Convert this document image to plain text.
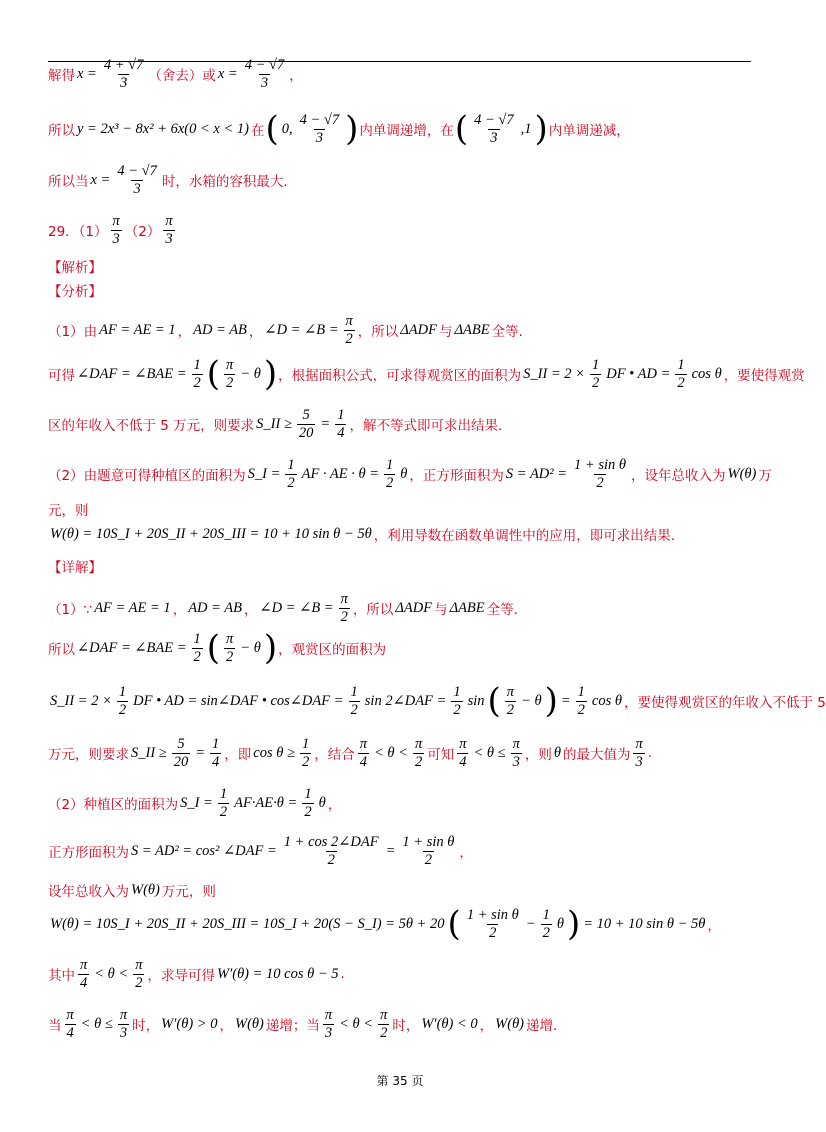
解得 $x = \frac{4 + √7}{3}$ （舍去）或 $x = \frac{4 - √7}{3}$ ，
所以 y = 2x³ − 8x² + 6x(0 < x < 1) 在 ( 0, $\frac{4 - √7}{3}$ ) 内单调递增，在 ( $\frac{4 - √7}{3} ,1$ ) 内单调递减，
所以当 $x = \frac{4 - √7}{3}$ 时，水箱的容积最大.
29．$(1) \frac{\pi}{3} (2) \frac{\pi}{3}$
【解析】
【分析】
（1）由 AF = AE = 1 ， AD = AB ， ∠D = ∠B = $\frac{\pi}{2}$ ，所以 ΔADF 与 ΔABE 全等.
可得 ∠DAF = ∠BAE = $\frac{1}{2}$ ( $\frac{\pi}{2} - \theta$ ) ，根据面积公式，可求得观赏区的面积为 S_II = $2 \times \frac{1}{2}$ DF • AD = $\frac{1}{2}$ cos θ ，要使得观赏
区的年收入不低于 5 万元，则要求 S_II ≥ $\frac{5}{20} = \frac{1}{4}$ ，解不等式即可求出结果.
（2）由题意可得种植区的面积为 S_I = $\frac{1}{2}$ AF · AE · $\theta = \frac{1}{2}$ θ ，正方形面积为 $S = AD^2 = \frac{\text{1 + sin θ}}{2}$ ，设年总收入为 W(θ) 万
元，则
W(θ) = 10S_I + 20S_II + 20S_III = 10 + 10 sin θ − 5θ ，利用导数在函数单调性中的应用，即可求出结果.
【详解】
（1）∵ AF = AE = 1 ， AD = AB ， ∠D = ∠B = $\frac{\pi}{2}$ ，所以 ΔADF 与 ΔABE 全等.
所以 ∠DAF = ∠BAE = $\frac{1}{2}$ ( $\frac{\pi}{2} - \theta$ ) ，观赏区的面积为
S_II = $2 \times \frac{1}{2}$ DF • AD = sin∠DAF • cos∠DAF = $\frac{1}{2}$ sin 2∠DAF = $\frac{1}{2}$ sin ( $\frac{\pi}{2} - \theta$ ) = $\frac{1}{2}$ cos θ ，要使得观赏区的年收入不低于 5
万元，则要求 S_II ≥ $\frac{5}{20} = \frac{1}{4}$ ，即 $\cos \theta \ge \frac{1}{2}$ ，结合 $\frac{\pi}{4} < \theta < \frac{\pi}{2}$ 可知 $\frac{\pi}{4} < \theta \le \frac{\pi}{3}$ ，则 θ 的最大值为 $\frac{\pi}{3}$ .
（2）种植区的面积为 S_I = $\frac{1}{2} AF\cdot AE\cdot\theta = \frac{1}{2}$ θ ，
正方形面积为 S = AD² = cos² ∠DAF = $\frac{\text{1 + cos 2∠DAF}}{2} = \frac{\text{1 + sin θ}}{2}$ ，
设年总收入为 W(θ) 万元，则
W(θ) = 10S_I + 20S_II + 20S_III = 10S_I + 20(S − S_I) = 5θ + 20 ( $\frac{\text{1 + sin θ}}{2} - \frac{1}{2}$ θ ) = 10 + 10 sin θ − 5θ ，
其中 $\frac{\pi}{4} < \theta < \frac{\pi}{2}$ ，求导可得 W′(θ) = 10 cos θ − 5 .
当 $\frac{\pi}{4} < \theta \le \frac{\pi}{3}$ 时， W′(θ) > 0 ， W(θ) 递增；当 $\frac{\pi}{3} < \theta < \frac{\pi}{2}$ 时， W′(θ) < 0 ， W(θ) 递增.
第 35 页
